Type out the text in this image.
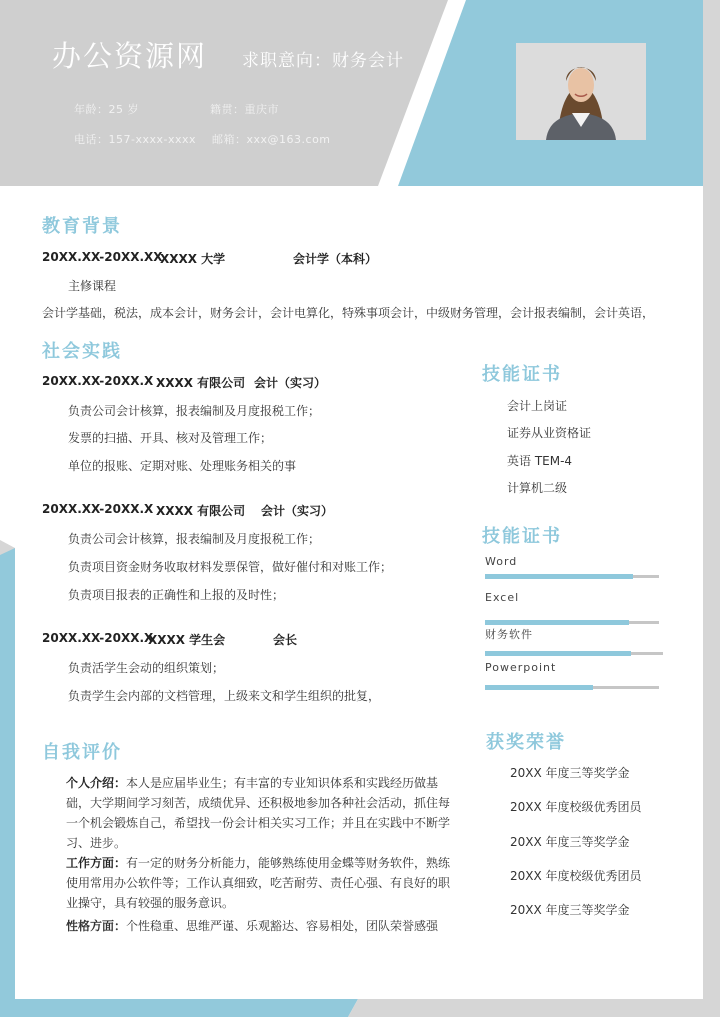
办公资源网 求职意向：财务会计
年龄：25 岁	籍贯：重庆市
电话：157-xxxx-xxxx 邮箱：xxx@163.com
教育背景
20XX.XX-20XX.XX
XXXX 大学	会计学（本科）
主修课程
会计学基础，税法，成本会计，财务会计，会计电算化，特殊事项会计，中级财务管理，会计报表编制，会计英语，
社会实践
20XX.XX-20XX.X XXXX 有限公司 会计（实习）
负责公司会计核算，报表编制及月度报税工作；
发票的扫描、开具、核对及管理工作；
单位的报账、定期对账、处理账务相关的事
20XX.XX-20XX.X XXXX 有限公司 会计（实习）
负责公司会计核算，报表编制及月度报税工作；
负责项目资金财务收取材料发票保管，做好催付和对账工作；
负责项目报表的正确性和上报的及时性；
20XX.XX-20XX.X
XXXX 学生会	会长
负责活学生会动的组织策划；
负责学生会内部的文档管理，上级来文和学生组织的批复，
自我评价
个人介绍：本人是应届毕业生；有丰富的专业知识体系和实践经历做基础，大学期间学习刻苦，成绩优异、还积极地参加各种社会活动，抓住每一个机会锻炼自己，希望找一份会计相关实习工作；并且在实践中不断学习、进步。
工作方面：有一定的财务分析能力，能够熟练使用金蝶等财务软件，熟练使用常用办公软件等；工作认真细致，吃苦耐劳、责任心强、有良好的职业操守，具有较强的服务意识。
性格方面：个性稳重、思维严谨、乐观豁达、容易相处，团队荣誉感强
技能证书
会计上岗证
证券从业资格证
英语 TEM-4
计算机二级
技能证书
Word
Excel
财务软件
Powerpoint
获奖荣誉
20XX 年度三等奖学金
20XX 年度校级优秀团员
20XX 年度三等奖学金
20XX 年度校级优秀团员
20XX 年度三等奖学金
